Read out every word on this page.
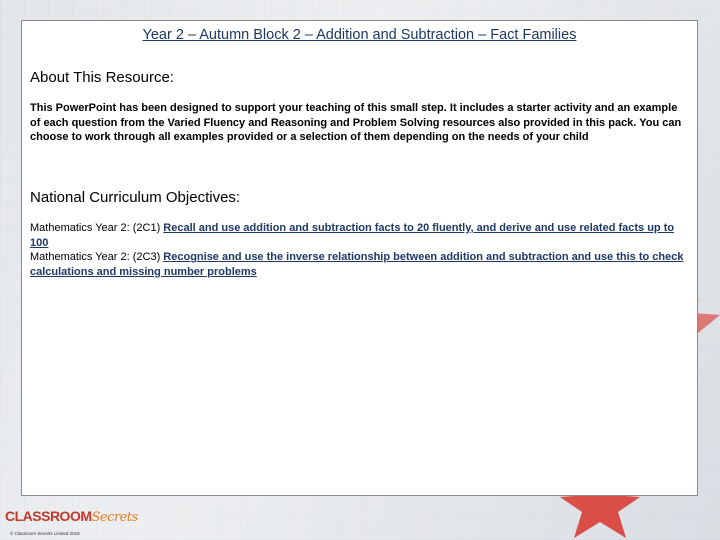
Year 2 – Autumn Block 2 – Addition and Subtraction – Fact Families
About This Resource:
This PowerPoint has been designed to support your teaching of this small step. It includes a starter activity and an example of each question from the Varied Fluency and Reasoning and Problem Solving resources also provided in this pack. You can choose to work through all examples provided or a selection of them depending on the needs of your child
National Curriculum Objectives:
Mathematics Year 2: (2C1) Recall and use addition and subtraction facts to 20 fluently, and derive and use related facts up to 100
Mathematics Year 2: (2C3) Recognise and use the inverse relationship between addition and subtraction and use this to check calculations and missing number problems
CLASSROOMSecrets
© Classroom Secrets Limited 2018
